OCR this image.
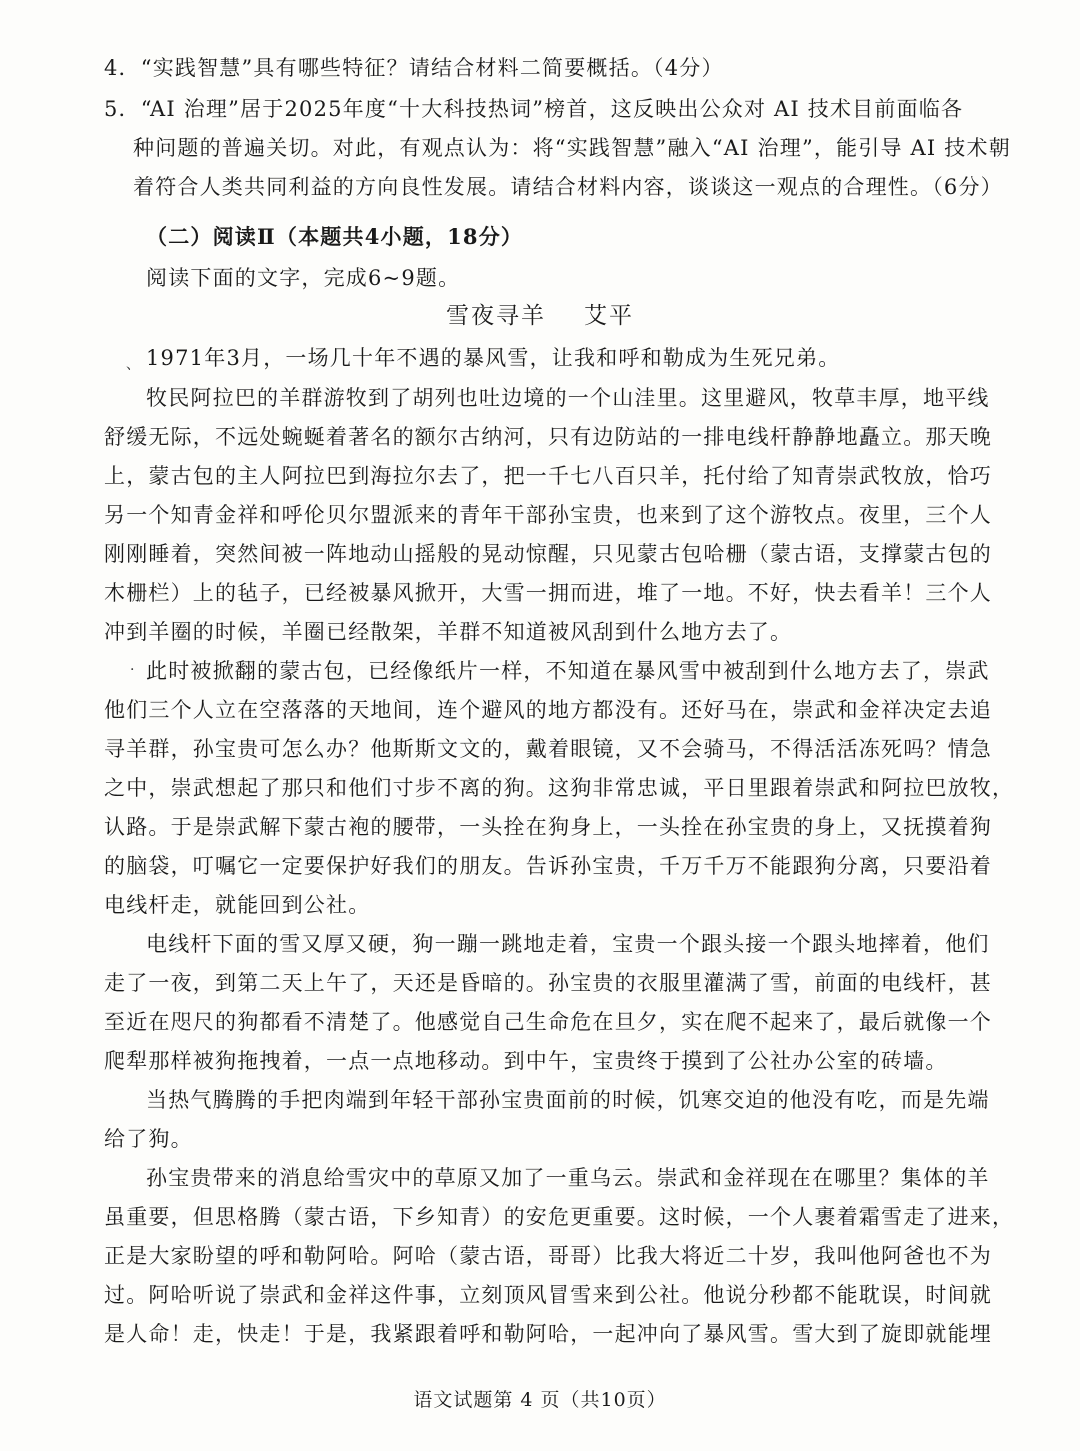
4．“实践智慧”具有哪些特征？请结合材料二简要概括。（4分）
5．“AI 治理”居于2025年度“十大科技热词”榜首，这反映出公众对 AI 技术目前面临各
种问题的普遍关切。对此，有观点认为：将“实践智慧”融入“AI 治理”，能引导 AI 技术朝
着符合人类共同利益的方向良性发展。请结合材料内容，谈谈这一观点的合理性。（6分）
（二）阅读Ⅱ（本题共4小题，18分）
阅读下面的文字，完成6~9题。
雪夜寻羊 艾平
、 1971年3月，一场几十年不遇的暴风雪，让我和呼和勒成为生死兄弟。
牧民阿拉巴的羊群游牧到了胡列也吐边境的一个山洼里。这里避风，牧草丰厚，地平线
舒缓无际，不远处蜿蜒着著名的额尔古纳河，只有边防站的一排电线杆静静地矗立。那天晚
上，蒙古包的主人阿拉巴到海拉尔去了，把一千七八百只羊，托付给了知青崇武牧放，恰巧
另一个知青金祥和呼伦贝尔盟派来的青年干部孙宝贵，也来到了这个游牧点。夜里，三个人
刚刚睡着，突然间被一阵地动山摇般的晃动惊醒，只见蒙古包哈栅（蒙古语，支撑蒙古包的
木栅栏）上的毡子，已经被暴风掀开，大雪一拥而进，堆了一地。不好，快去看羊！三个人
冲到羊圈的时候，羊圈已经散架，羊群不知道被风刮到什么地方去了。
· 此时被掀翻的蒙古包，已经像纸片一样，不知道在暴风雪中被刮到什么地方去了，崇武
他们三个人立在空落落的天地间，连个避风的地方都没有。还好马在，崇武和金祥决定去追
寻羊群，孙宝贵可怎么办？他斯斯文文的，戴着眼镜，又不会骑马，不得活活冻死吗？情急
之中，崇武想起了那只和他们寸步不离的狗。这狗非常忠诚，平日里跟着崇武和阿拉巴放牧，
认路。于是崇武解下蒙古袍的腰带，一头拴在狗身上，一头拴在孙宝贵的身上，又抚摸着狗
的脑袋，叮嘱它一定要保护好我们的朋友。告诉孙宝贵，千万千万不能跟狗分离，只要沿着
电线杆走，就能回到公社。
电线杆下面的雪又厚又硬，狗一蹦一跳地走着，宝贵一个跟头接一个跟头地摔着，他们
走了一夜，到第二天上午了，天还是昏暗的。孙宝贵的衣服里灌满了雪，前面的电线杆，甚
至近在咫尺的狗都看不清楚了。他感觉自己生命危在旦夕，实在爬不起来了，最后就像一个
爬犁那样被狗拖拽着，一点一点地移动。到中午，宝贵终于摸到了公社办公室的砖墙。
当热气腾腾的手把肉端到年轻干部孙宝贵面前的时候，饥寒交迫的他没有吃，而是先端
给了狗。
孙宝贵带来的消息给雪灾中的草原又加了一重乌云。崇武和金祥现在在哪里？集体的羊
虽重要，但思格腾（蒙古语，下乡知青）的安危更重要。这时候，一个人裹着霜雪走了进来，
正是大家盼望的呼和勒阿哈。阿哈（蒙古语，哥哥）比我大将近二十岁，我叫他阿爸也不为
过。阿哈听说了崇武和金祥这件事，立刻顶风冒雪来到公社。他说分秒都不能耽误，时间就
是人命！走，快走！于是，我紧跟着呼和勒阿哈，一起冲向了暴风雪。雪大到了旋即就能埋
语文试题第 4 页（共10页）
